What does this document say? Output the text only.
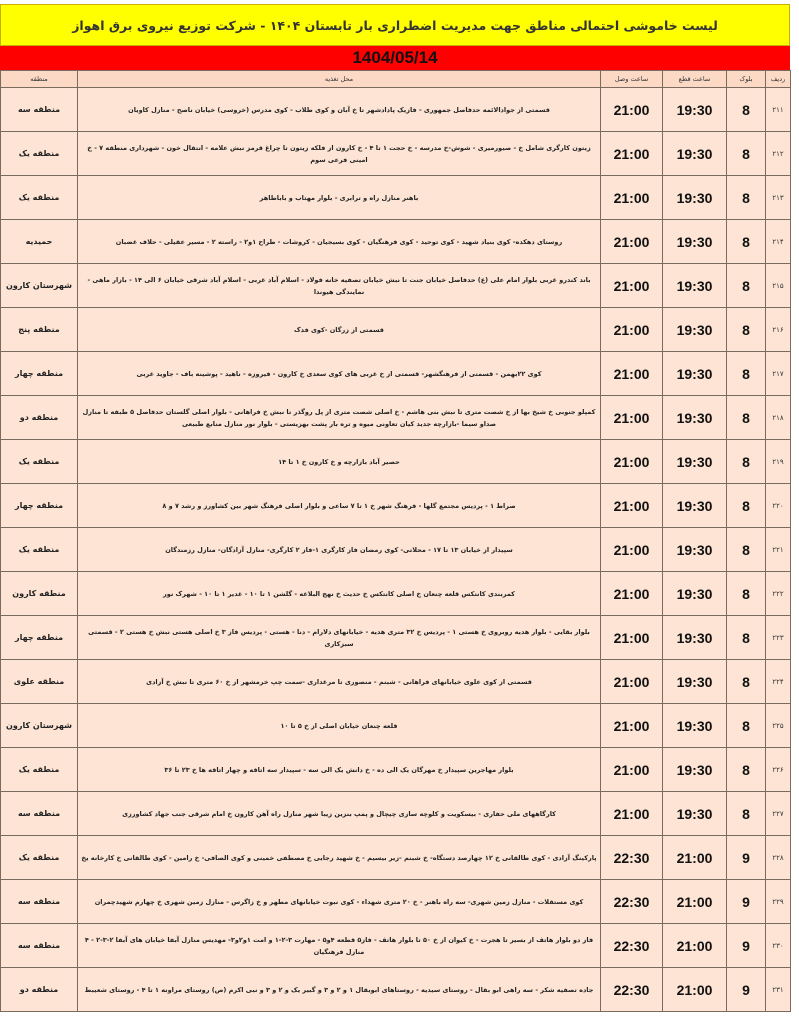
لیست خاموشی احتمالی مناطق جهت مدیریت اضطراری بار تابستان ۱۴۰۴ - شرکت توزیع نیروی برق اهواز
1404/05/14
ردیف	بلوک	ساعت قطع	ساعت وصل	محل تغذیه	منطقه
۲۱۱	8	19:30	21:00	قسمتی از جوادالائمه حدفاصل جمهوری - فازیک پادادشهر تا خ آبان و کوی طلاب - کوی مدرس (خروسی) خیابان ناصح - منازل کاویان	منطقه سه
۲۱۲	8	19:30	21:00	زیتون کارگری شامل خ - صیورمیری - شوش-خ مدرسه - خ حجت ۱ تا ۴ - خ کارون از فلکه زیتون تا چراغ قرمز نبش علامه - انتقال خون - شهرداری منطقه ۷ - خ امینی فرعی سوم	منطقه یک
۲۱۳	8	19:30	21:00	باهنر منازل راه و ترابری - بلوار مهتاب و باباطاهر	منطقه یک
۲۱۴	8	19:30	21:00	روستای دهکده- کوی بنیاد شهید - کوی توحید - کوی فرهنگیان - کوی بسیجیان - کروشات - طراح ۱و۲ - راسته ۲ - مسیر عقیلی - حلاف غضبان	حمیدیه
۲۱۵	8	19:30	21:00	باند کندرو غربی بلوار امام علی (ع) حدفاصل خیابان جنت تا نبش خیابان تصفیه خانه فولاد - اسلام آباد غربی - اسلام آباد شرقی خیابان ۶ الی ۱۴ - بازار ماهی - نمایندگی هیوندا	شهرستان کارون
۲۱۶	8	19:30	21:00	قسمتی از زرگان -کوی فدک	منطقه پنج
۲۱۷	8	19:30	21:00	کوی ۲۲بهمن - قسمتی از فرهنگشهر- قسمتی از خ غربی های کوی سعدی خ کارون - فیروزه - ناهید - پوشینه باف - جاوید غربی	منطقه چهار
۲۱۸	8	19:30	21:00	کمپلو جنوبی خ شیخ بها از خ شصت متری تا نبش بنی هاشم - خ اصلی شصت متری از پل روگذر تا نبش خ فراهانی - بلوار اصلی گلستان حدفاصل ۵ طبقه تا منازل صداو سیما -بازارچه جدید کیان تعاونی میوه و تره بار پشت بهزیستی - بلوار نور منازل منابع طبیعی	منطقه دو
۲۱۹	8	19:30	21:00	حصیر آباد بازارچه و خ کارون خ ۱ تا ۱۴	منطقه یک
۲۲۰	8	19:30	21:00	صراط ۱ - پردیس مجتمع گلها - فرهنگ شهر خ ۱ تا ۷ ساعی و بلوار اصلی فرهنگ شهر بین کشاورز و رشد ۷ و ۸	منطقه چهار
۲۲۱	8	19:30	21:00	سپیدار از خیابان ۱۳ تا ۱۷ - محلاتی- کوی رمضان فاز کارگری ۱-فاز ۲ کارگری- منازل آزادگان- منازل رزمندگان	منطقه یک
۲۲۲	8	19:30	21:00	کمربندی کانتکس قلعه چنعان خ اصلی کانتکس خ حدیث خ نهج البلاغه - گلشن ۱ تا ۱۰ - غدیر ۱ تا ۱۰ - شهرک نور	منطقه کارون
۲۲۳	8	19:30	21:00	بلوار بقایی - بلوار هدیه روبروی خ هستی ۱ - پردیس خ ۳۲ متری هدیه - خیابانهای دلارام - دنا - هستی - پردیس فاز ۳ خ اصلی هستی نبش خ هستی ۲ - قسمتی سبزکاری	منطقه چهار
۲۲۴	8	19:30	21:00	قسمتی از کوی علوی خیابانهای فراهانی - شبنم - منصوری تا مرغداری -سمت چپ خرمشهر از خ ۶۰ متری تا نبش خ آزادی	منطقه علوی
۲۲۵	8	19:30	21:00	قلعه چنعان خیابان اصلی از خ ۵ تا ۱۰	شهرستان کارون
۲۲۶	8	19:30	21:00	بلوار مهاجرین سپیدار خ مهرگان یک الی ده - خ دانش یک الی سه - سپیدار سه اتاقه و چهار اتاقه ها خ ۲۳ تا ۳۶	منطقه یک
۲۲۷	8	19:30	21:00	کارگاههای ملی حفاری - بیسکویت و کلوچه سازی چیچال و پمپ بنزین زیبا شهر منازل راه آهن کارون خ امام شرقی جنب جهاد کشاورزی	منطقه سه
۲۲۸	9	21:00	22:30	پارکینگ آزادی - کوی طالقانی خ ۱۲ چهارصد دستگاه- خ شبنم -زیر بیسیم - خ شهید رجایی خ مصطفی خمینی و کوی الصافی- خ رامین - کوی طالقانی خ کارخانه یخ	منطقه یک
۲۲۹	9	21:00	22:30	کوی مستقلات - منازل زمین شهری- سه راه باهنر - خ ۲۰ متری شهداء - کوی نبوت خیابانهای مطهر و خ زاگرس - منازل زمین شهری خ چهارم شهیدچمران	منطقه سه
۲۳۰	9	21:00	22:30	فاز دو بلوار هاتف از بسیر تا هجرت - خ کیوان از خ ۵۰ تا بلوار هاتف - فاز۵ قطعه ۴و۵ - مهارت ۳-۲-۱ و امت ۱و۲و۳- مهدیس منازل آبفا خیابان های آبفا ۲-۳-۲ - ۴ منازل فرهنگیان	منطقه سه
۲۳۱	9	21:00	22:30	جاده تصفیه شکر - سه راهی ابو بقال - روستای سیدیه - روستاهای ابوبقال ۱ و ۲ و ۳ و گبیر یک و ۲ و ۳ و نبی اکرم (ص) روستای مراونه ۱ تا ۴ - روستای شعیبط	منطقه دو
